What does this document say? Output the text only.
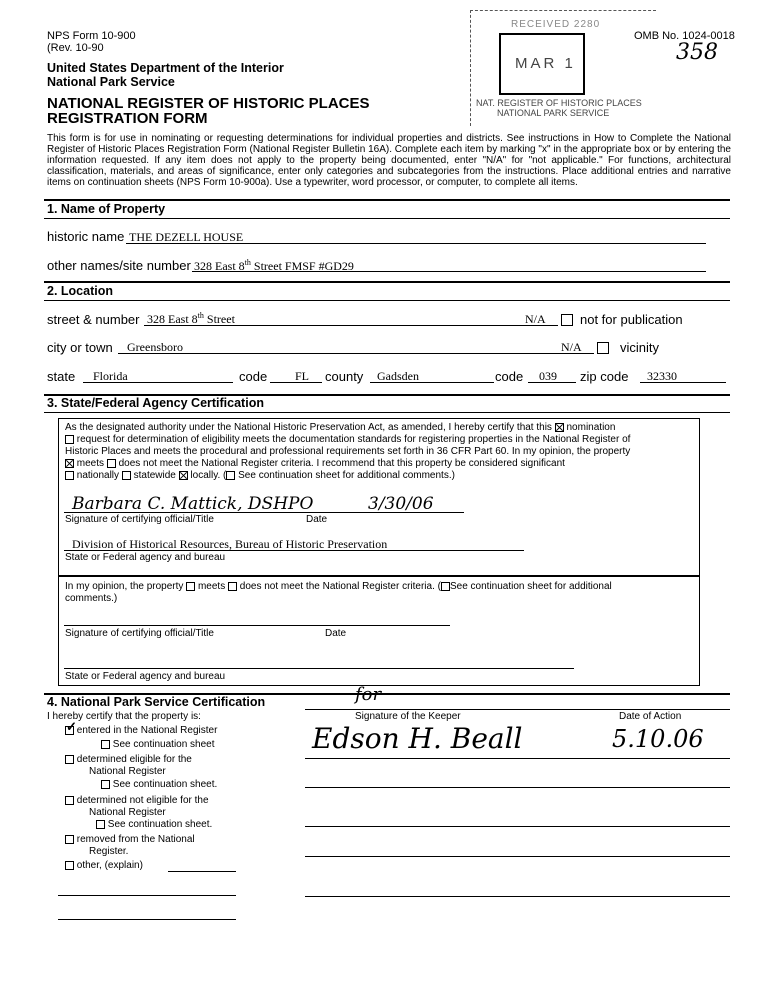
NPS Form 10-900
(Rev. 10-90
OMB No. 1024-0018
358
United States Department of the Interior
National Park Service
NATIONAL REGISTER OF HISTORIC PLACES
REGISTRATION FORM
RECEIVED 2280
MAR 1
NAT. REGISTER OF HISTORIC PLACES
NATIONAL PARK SERVICE
This form is for use in nominating or requesting determinations for individual properties and districts. See instructions in How to Complete the National Register of Historic Places Registration Form (National Register Bulletin 16A). Complete each item by marking "x" in the appropriate box or by entering the information requested. If any item does not apply to the property being documented, enter "N/A" for "not applicable." For functions, architectural classification, materials, and areas of significance, enter only categories and subcategories from the instructions. Place additional entries and narrative items on continuation sheets (NPS Form 10-900a). Use a typewriter, word processor, or computer, to complete all items.
1. Name of Property
historic name THE DEZELL HOUSE
other names/site number 328 East 8th Street FMSF #GD29
2. Location
street & number 328 East 8th Street	N/A	not for publication
city or town Greensboro	N/A	vicinity
state Florida	code FL county Gadsden	code 039 zip code 32330
3. State/Federal Agency Certification
As the designated authority under the National Historic Preservation Act, as amended, I hereby certify that this nomination
request for determination of eligibility meets the documentation standards for registering properties in the National Register of
Historic Places and meets the procedural and professional requirements set forth in 36 CFR Part 60. In my opinion, the property
meets does not meet the National Register criteria. I recommend that this property be considered significant
nationally statewide locally. ( See continuation sheet for additional comments.)
Barbara C. Mattick, DSHPO	3/30/06
Signature of certifying official/Title	Date
Division of Historical Resources, Bureau of Historic Preservation
State or Federal agency and bureau
In my opinion, the property meets does not meet the National Register criteria. ( See continuation sheet for additional
comments.)
Signature of certifying official/Title	Date
State or Federal agency and bureau
4. National Park Service Certification
I hereby certify that the property is:	Signature of the Keeper	Date of Action
for
Edson H. Beall	5.10.06
✓ entered in the National Register
See continuation sheet
determined eligible for the
National Register
See continuation sheet.
determined not eligible for the
National Register
See continuation sheet.
removed from the National
Register.
other, (explain)
